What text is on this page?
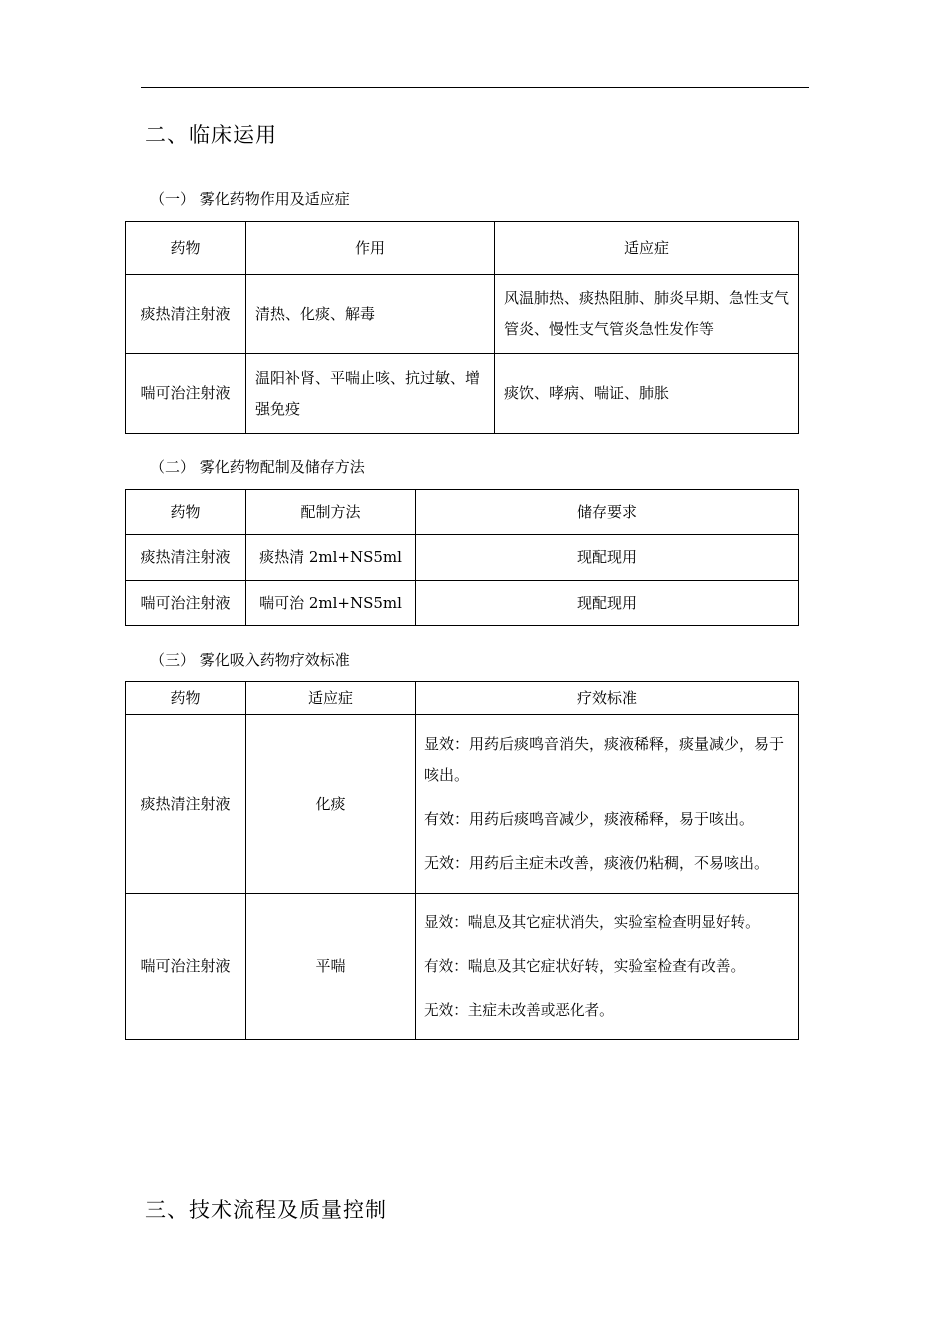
二、临床运用
（一） 雾化药物作用及适应症
药物	作用	适应症
痰热清注射液	清热、化痰、解毒	风温肺热、痰热阻肺、肺炎早期、急性支气管炎、慢性支气管炎急性发作等
喘可治注射液	温阳补肾、平喘止咳、抗过敏、增强免疫	痰饮、哮病、喘证、肺胀
（二） 雾化药物配制及储存方法
药物	配制方法	储存要求
痰热清注射液	痰热清 2ml+NS5ml	现配现用
喘可治注射液	喘可治 2ml+NS5ml	现配现用
（三） 雾化吸入药物疗效标准
药物	适应症	疗效标准
痰热清注射液	化痰	显效：用药后痰鸣音消失，痰液稀释，痰量减少，易于咳出。

有效：用药后痰鸣音减少，痰液稀释，易于咳出。

无效：用药后主症未改善，痰液仍粘稠，不易咳出。

喘可治注射液	平喘	显效：喘息及其它症状消失，实验室检查明显好转。

有效：喘息及其它症状好转，实验室检查有改善。

无效：主症未改善或恶化者。

三、技术流程及质量控制
